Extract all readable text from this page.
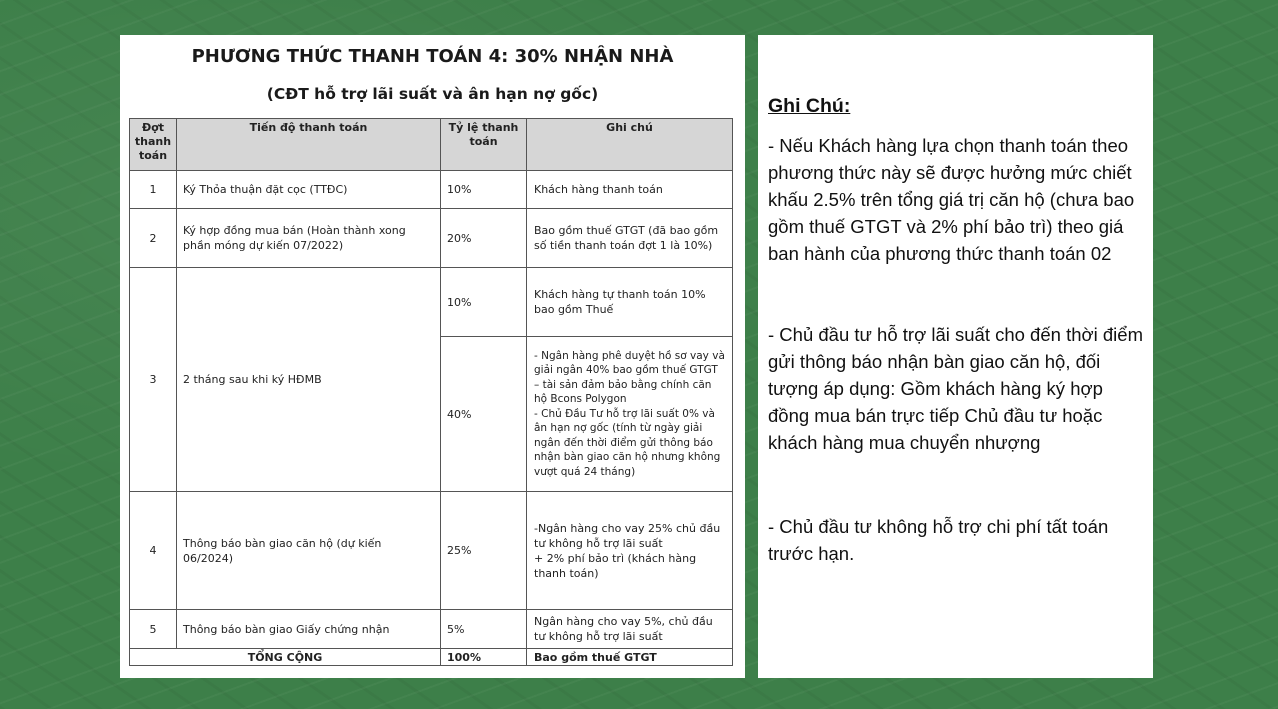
PHƯƠNG THỨC THANH TOÁN 4: 30% NHẬN NHÀ
(CĐT hỗ trợ lãi suất và ân hạn nợ gốc)
Đợt thanh toán	Tiến độ thanh toán	Tỷ lệ thanh toán	Ghi chú
1	Ký Thỏa thuận đặt cọc (TTĐC)	10%	Khách hàng thanh toán
2	Ký hợp đồng mua bán (Hoàn thành xong phần móng dự kiến 07/2022)	20%	Bao gồm thuế GTGT (đã bao gồm số tiền thanh toán đợt 1 là 10%)
3	2 tháng sau khi ký HĐMB	10%	Khách hàng tự thanh toán 10% bao gồm Thuế
		40%	- Ngân hàng phê duyệt hồ sơ vay và giải ngân 40% bao gồm thuế GTGT – tài sản đảm bảo bằng chính căn hộ Bcons Polygon
- Chủ Đầu Tư hỗ trợ lãi suất 0% và ân hạn nợ gốc (tính từ ngày giải ngân đến thời điểm gửi thông báo nhận bàn giao căn hộ nhưng không vượt quá 24 tháng)
4	Thông báo bàn giao căn hộ (dự kiến 06/2024)	25%	-Ngân hàng cho vay 25% chủ đầu tư không hỗ trợ lãi suất
+ 2% phí bảo trì (khách hàng thanh toán)
5	Thông báo bàn giao Giấy chứng nhận	5%	Ngân hàng cho vay 5%, chủ đầu tư không hỗ trợ lãi suất
TỔNG CỘNG		100%	Bao gồm thuế GTGT
Ghi Chú:
- Nếu Khách hàng lựa chọn thanh toán theo phương thức này sẽ được hưởng mức chiết khấu 2.5% trên tổng giá trị căn hộ (chưa bao gồm thuế GTGT và 2% phí bảo trì) theo giá ban hành của phương thức thanh toán 02
- Chủ đầu tư hỗ trợ lãi suất cho đến thời điểm gửi thông báo nhận bàn giao căn hộ, đối tượng áp dụng: Gồm khách hàng ký hợp đồng mua bán trực tiếp Chủ đầu tư hoặc khách hàng mua chuyển nhượng
- Chủ đầu tư không hỗ trợ chi phí tất toán trước hạn.
